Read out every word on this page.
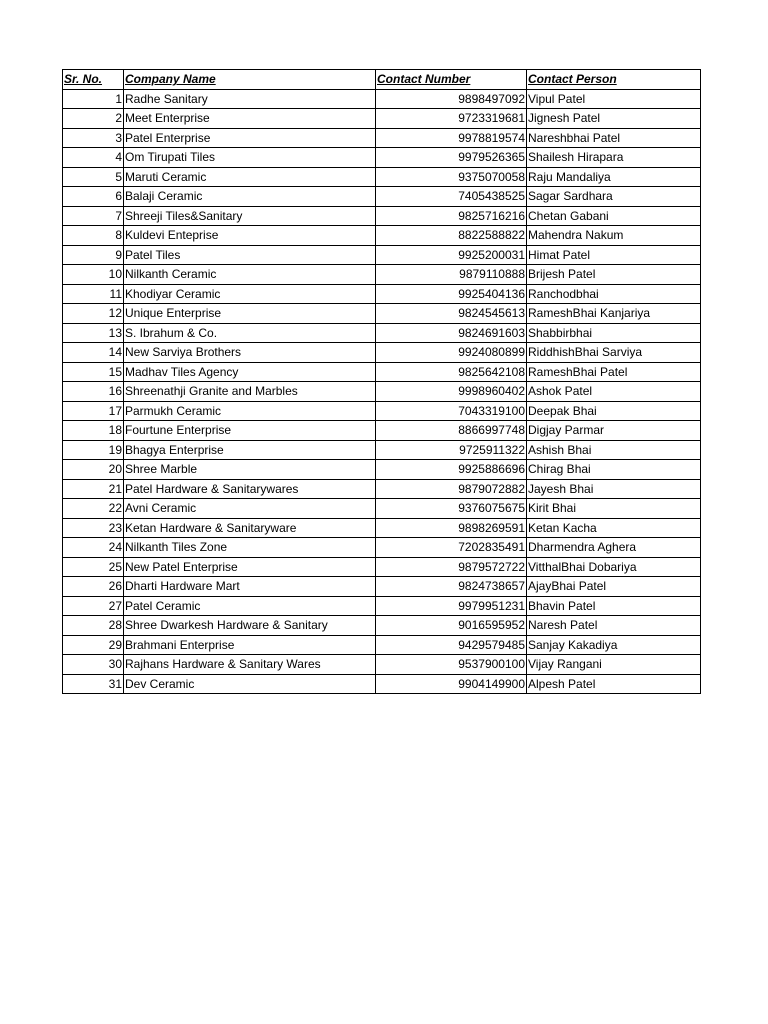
Sr. No.	Company Name	Contact Number	Contact Person
1	Radhe Sanitary	9898497092	Vipul Patel
2	Meet Enterprise	9723319681	Jignesh Patel
3	Patel Enterprise	9978819574	Nareshbhai Patel
4	Om Tirupati Tiles	9979526365	Shailesh Hirapara
5	Maruti Ceramic	9375070058	Raju Mandaliya
6	Balaji Ceramic	7405438525	Sagar Sardhara
7	Shreeji Tiles&Sanitary	9825716216	Chetan Gabani
8	Kuldevi Enteprise	8822588822	Mahendra Nakum
9	Patel Tiles	9925200031	Himat Patel
10	Nilkanth Ceramic	9879110888	Brijesh Patel
11	Khodiyar Ceramic	9925404136	Ranchodbhai
12	Unique Enterprise	9824545613	RameshBhai Kanjariya
13	S. Ibrahum & Co.	9824691603	Shabbirbhai
14	New Sarviya Brothers	9924080899	RiddhishBhai Sarviya
15	Madhav Tiles Agency	9825642108	RameshBhai Patel
16	Shreenathji Granite and Marbles	9998960402	Ashok Patel
17	Parmukh Ceramic	7043319100	Deepak Bhai
18	Fourtune Enterprise	8866997748	Digjay Parmar
19	Bhagya Enterprise	9725911322	Ashish Bhai
20	Shree Marble	9925886696	Chirag Bhai
21	Patel Hardware & Sanitarywares	9879072882	Jayesh Bhai
22	Avni Ceramic	9376075675	Kirit Bhai
23	Ketan Hardware & Sanitaryware	9898269591	Ketan Kacha
24	Nilkanth Tiles Zone	7202835491	Dharmendra Aghera
25	New Patel Enterprise	9879572722	VitthalBhai Dobariya
26	Dharti Hardware Mart	9824738657	AjayBhai Patel
27	Patel Ceramic	9979951231	Bhavin Patel
28	Shree Dwarkesh Hardware & Sanitary	9016595952	Naresh Patel
29	Brahmani Enterprise	9429579485	Sanjay Kakadiya
30	Rajhans Hardware & Sanitary Wares	9537900100	Vijay Rangani
31	Dev Ceramic	9904149900	Alpesh Patel
